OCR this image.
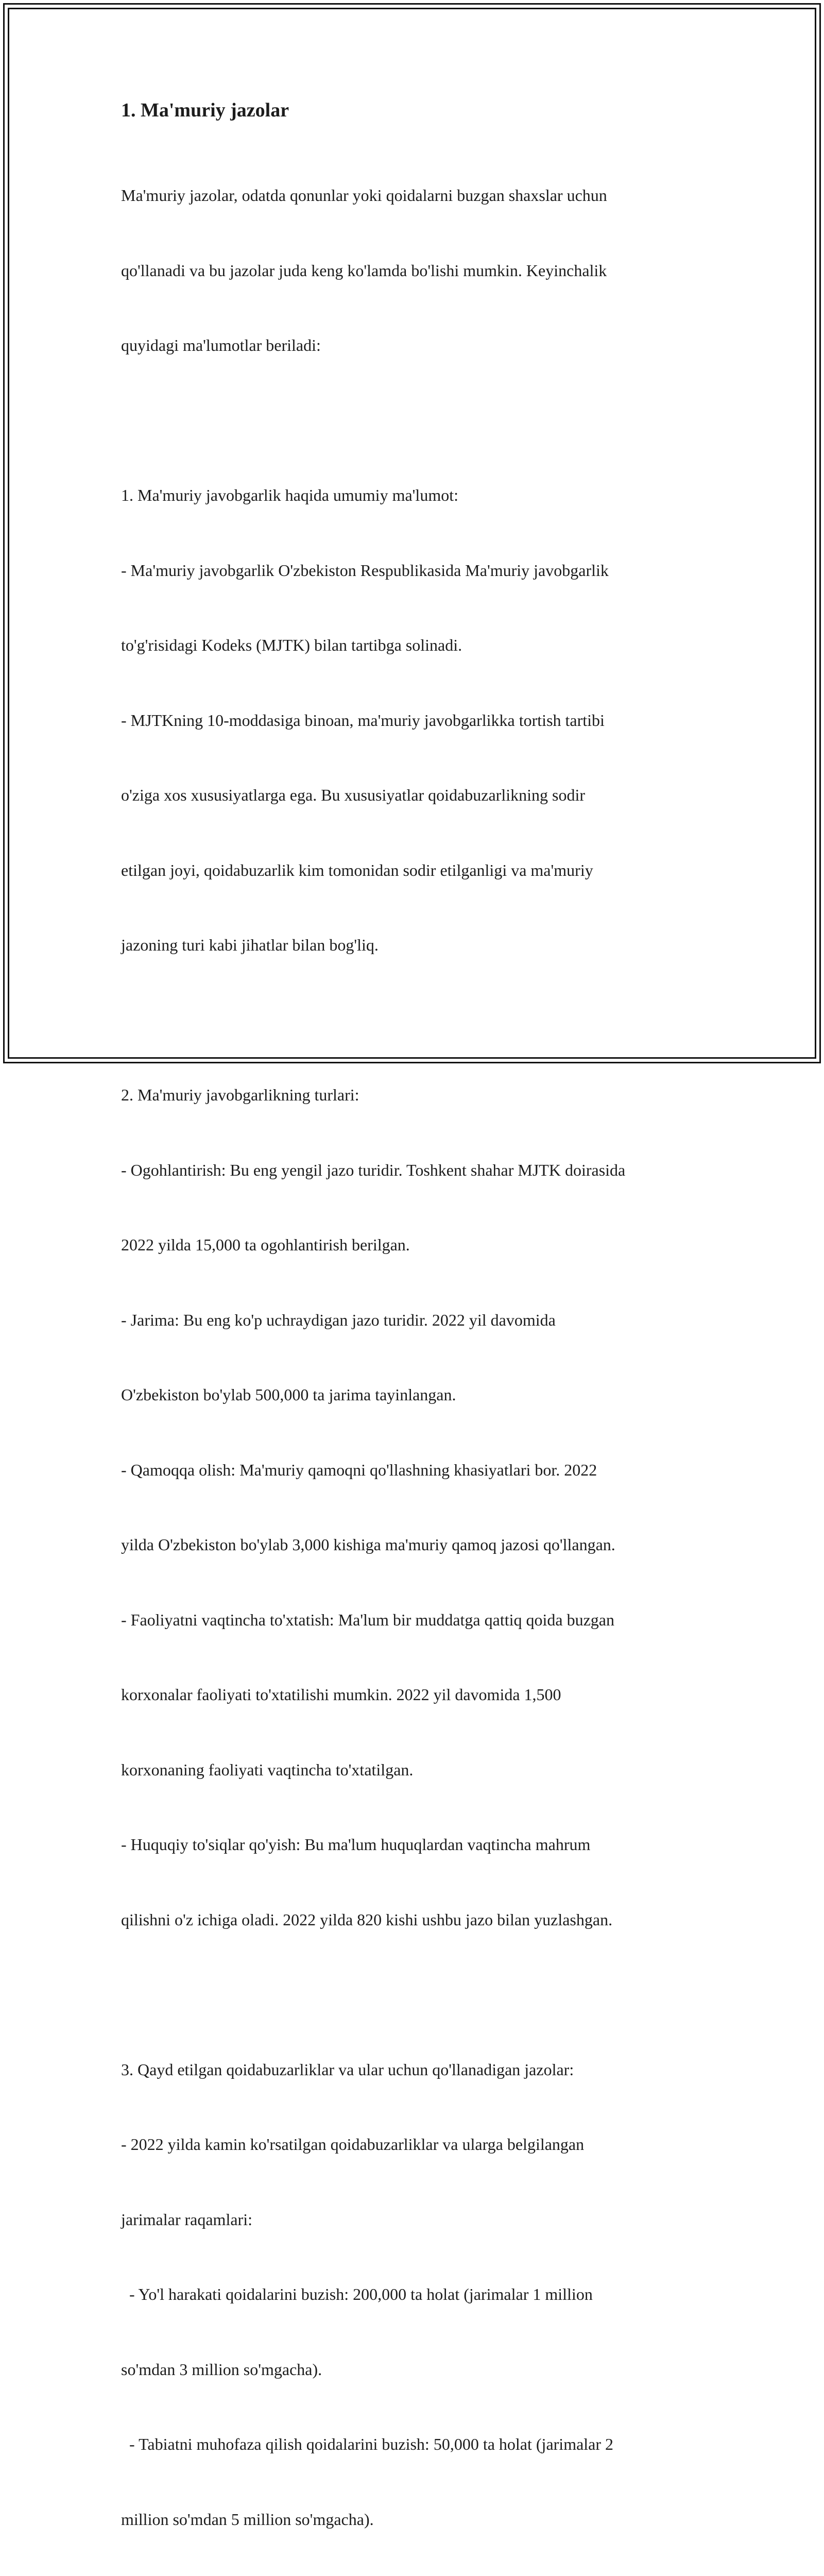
1. Ma'muriy jazolar

Ma'muriy jazolar, odatda qonunlar yoki qoidalarni buzgan shaxslar uchun

qo'llanadi va bu jazolar juda keng ko'lamda bo'lishi mumkin. Keyinchalik

quyidagi ma'lumotlar beriladi:

1. Ma'muriy javobgarlik haqida umumiy ma'lumot:

- Ma'muriy javobgarlik O'zbekiston Respublikasida Ma'muriy javobgarlik

to'g'risidagi Kodeks (MJTK) bilan tartibga solinadi.

- MJTKning 10-moddasiga binoan, ma'muriy javobgarlikka tortish tartibi

o'ziga xos xususiyatlarga ega. Bu xususiyatlar qoidabuzarlikning sodir

etilgan joyi, qoidabuzarlik kim tomonidan sodir etilganligi va ma'muriy

jazoning turi kabi jihatlar bilan bog'liq.

2. Ma'muriy javobgarlikning turlari:

- Ogohlantirish: Bu eng yengil jazo turidir. Toshkent shahar MJTK doirasida

2022 yilda 15,000 ta ogohlantirish berilgan.

- Jarima: Bu eng ko'p uchraydigan jazo turidir. 2022 yil davomida

O'zbekiston bo'ylab 500,000 ta jarima tayinlangan.

- Qamoqqa olish: Ma'muriy qamoqni qo'llashning khasiyatlari bor. 2022

yilda O'zbekiston bo'ylab 3,000 kishiga ma'muriy qamoq jazosi qo'llangan.

- Faoliyatni vaqtincha to'xtatish: Ma'lum bir muddatga qattiq qoida buzgan

korxonalar faoliyati to'xtatilishi mumkin. 2022 yil davomida 1,500

korxonaning faoliyati vaqtincha to'xtatilgan.

- Huquqiy to'siqlar qo'yish: Bu ma'lum huquqlardan vaqtincha mahrum

qilishni o'z ichiga oladi. 2022 yilda 820 kishi ushbu jazo bilan yuzlashgan.

3. Qayd etilgan qoidabuzarliklar va ular uchun qo'llanadigan jazolar:

- 2022 yilda kamin ko'rsatilgan qoidabuzarliklar va ularga belgilangan

jarimalar raqamlari:

- Yo'l harakati qoidalarini buzish: 200,000 ta holat (jarimalar 1 million

so'mdan 3 million so'mgacha).

- Tabiatni muhofaza qilish qoidalarini buzish: 50,000 ta holat (jarimalar 2

million so'mdan 5 million so'mgacha).
